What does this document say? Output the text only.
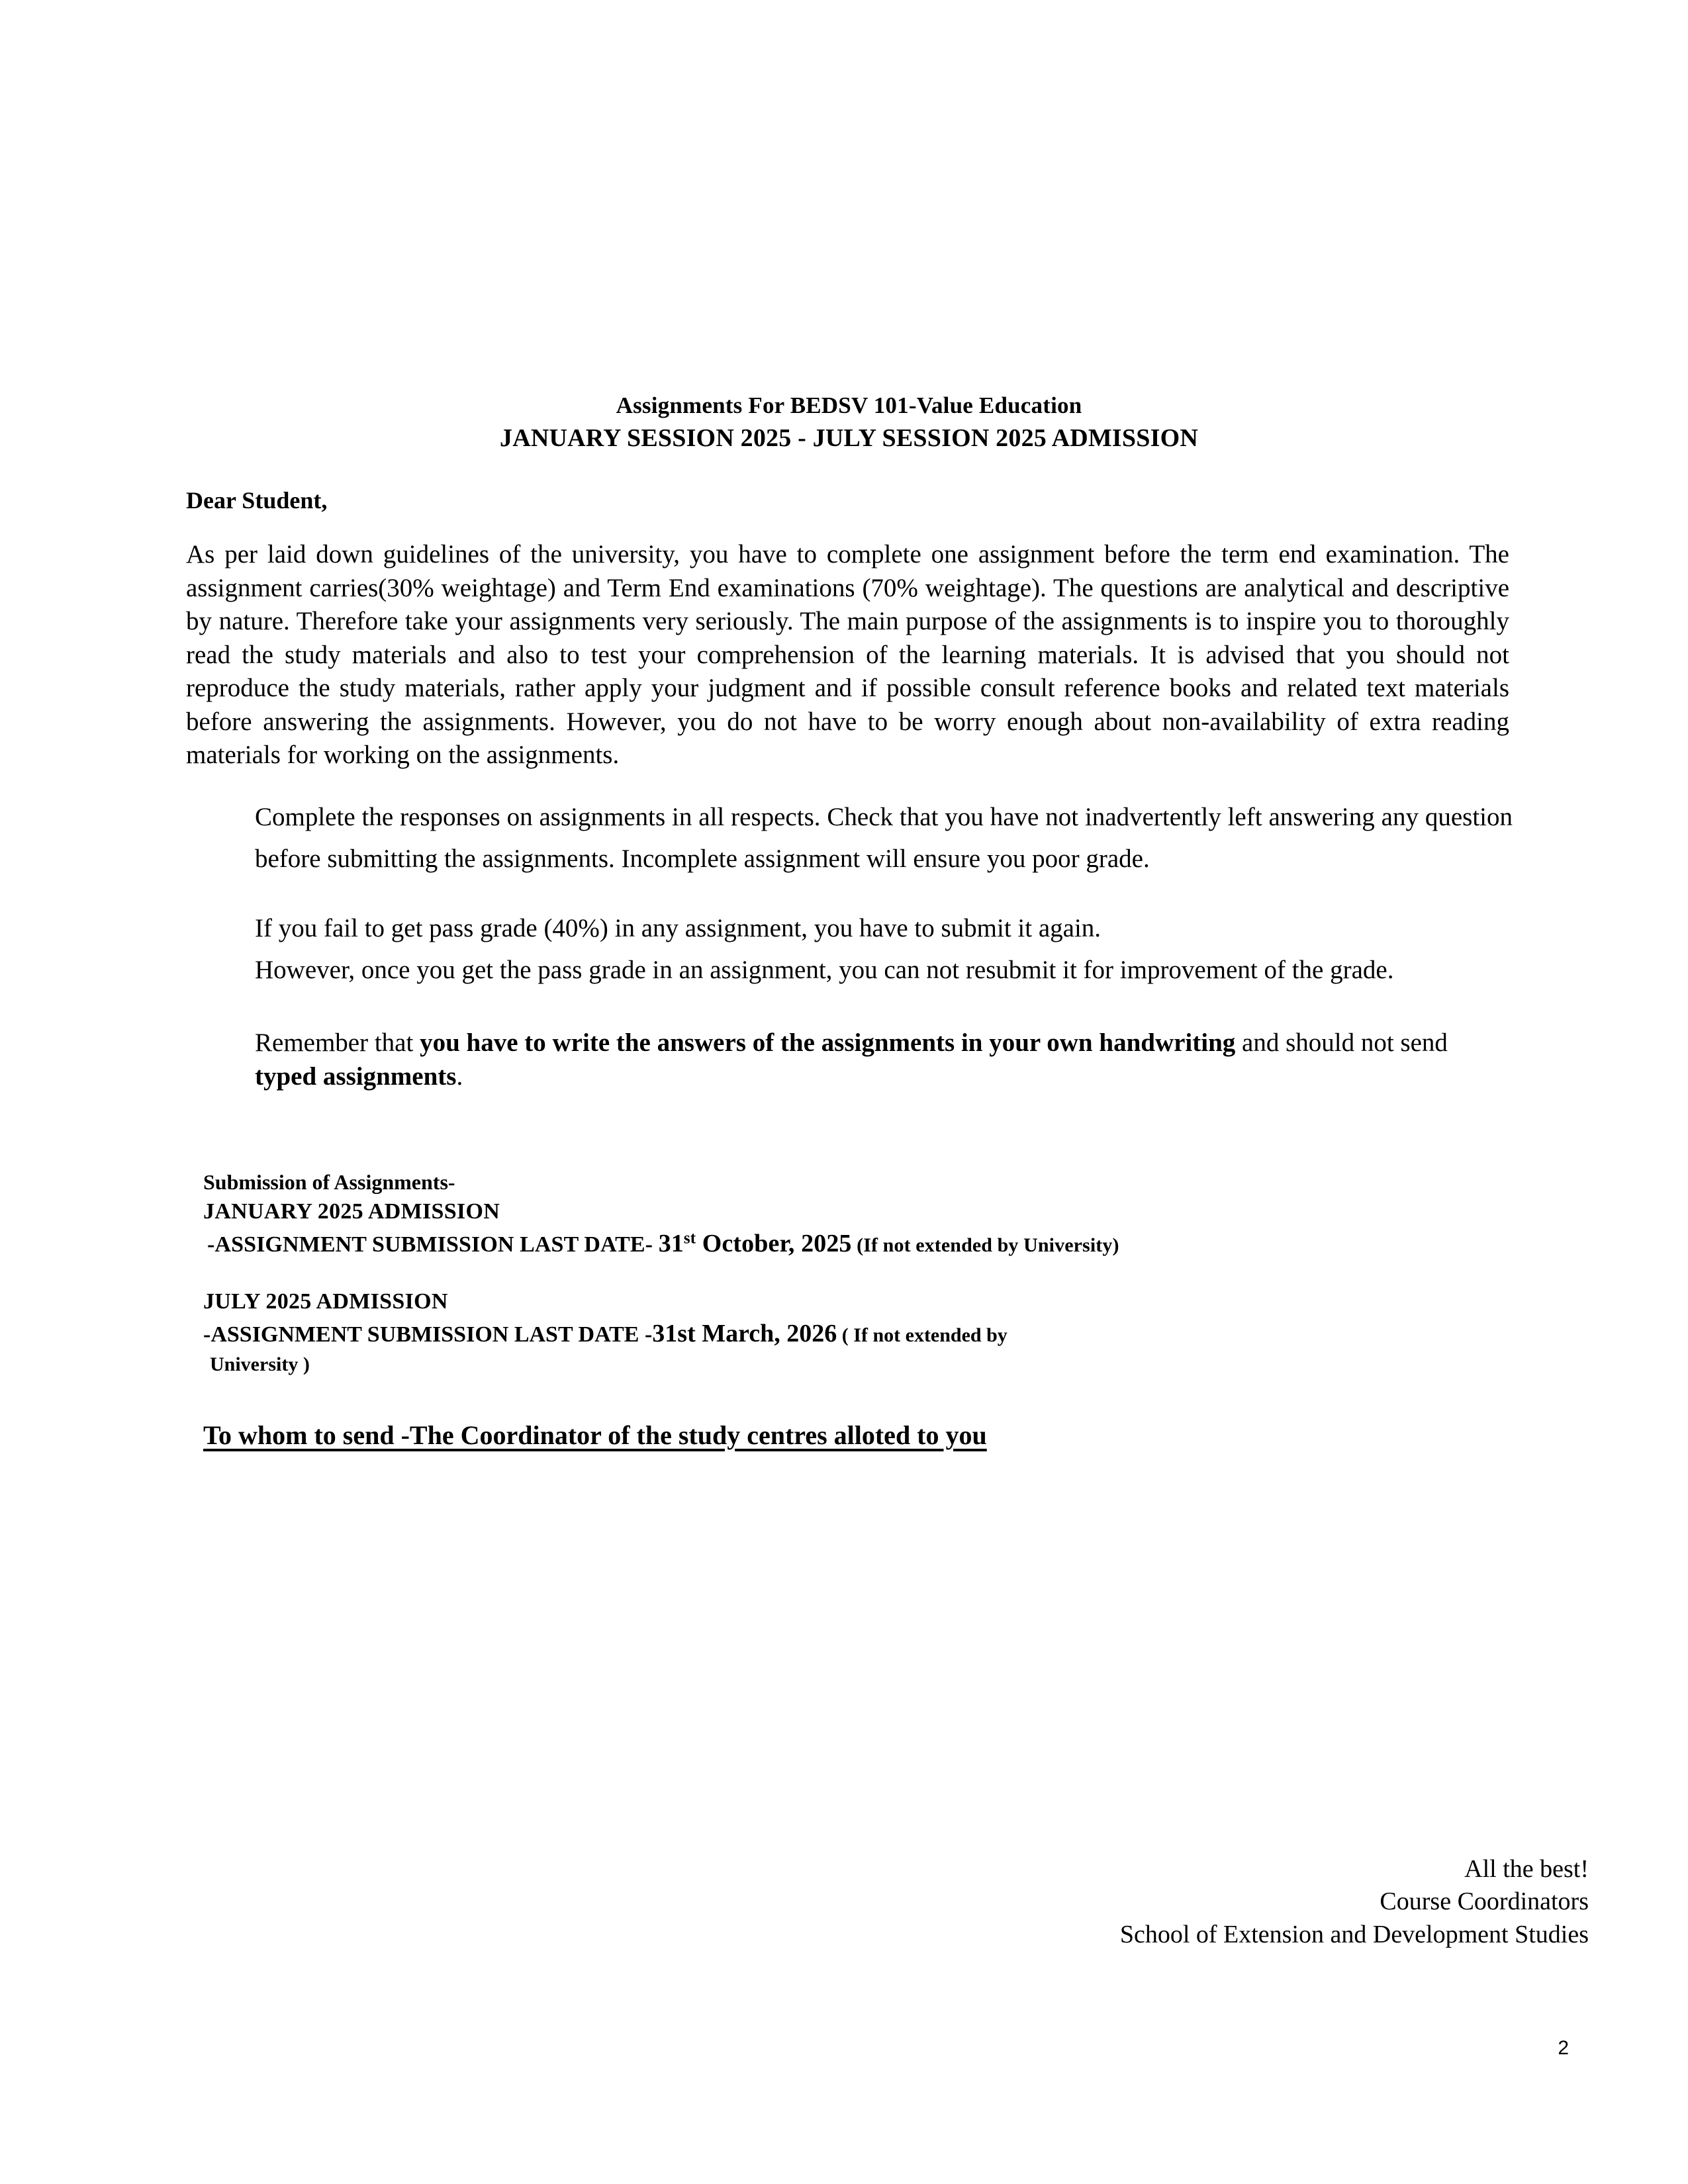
Assignments For BEDSV 101-Value Education
JANUARY SESSION 2025 - JULY SESSION 2025 ADMISSION
Dear Student,
As per laid down guidelines of the university, you have to complete one assignment before the term end examination. The assignment carries(30% weightage) and Term End examinations (70% weightage). The questions are analytical and descriptive by nature. Therefore take your assignments very seriously. The main purpose of the assignments is to inspire you to thoroughly read the study materials and also to test your comprehension of the learning materials. It is advised that you should not reproduce the study materials, rather apply your judgment and if possible consult reference books and related text materials before answering the assignments. However, you do not have to be worry enough about non-availability of extra reading materials for working on the assignments.
Complete the responses on assignments in all respects. Check that you have not inadvertently left answering any question before submitting the assignments. Incomplete assignment will ensure you poor grade.
If you fail to get pass grade (40%) in any assignment, you have to submit it again.
However, once you get the pass grade in an assignment, you can not resubmit it for improvement of the grade.
Remember that you have to write the answers of the assignments in your own handwriting and should not send typed assignments.
Submission of Assignments-
JANUARY 2025 ADMISSION
-ASSIGNMENT SUBMISSION LAST DATE- 31st October, 2025 (If not extended by University)
JULY 2025 ADMISSION
-ASSIGNMENT SUBMISSION LAST DATE -31st March, 2026 ( If not extended by
University )
To whom to send -The Coordinator of the study centres alloted to you
All the best!
Course Coordinators
School of Extension and Development Studies
2
